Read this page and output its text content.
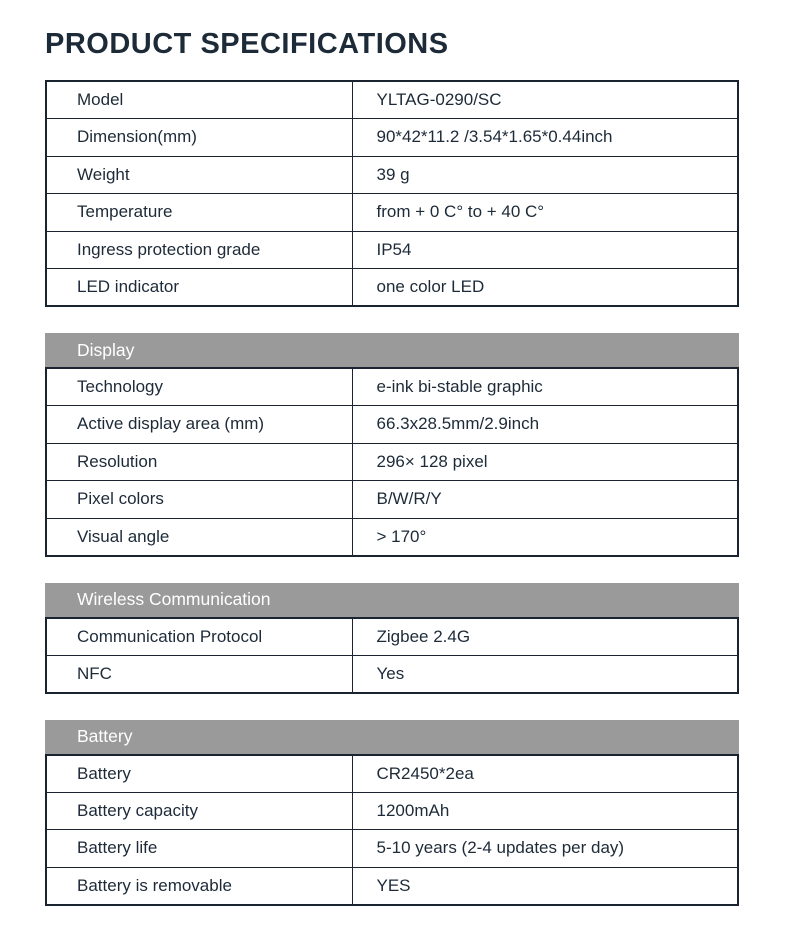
PRODUCT SPECIFICATIONS
Model	YLTAG-0290/SC
Dimension(mm)	90*42*11.2 /3.54*1.65*0.44inch
Weight	39 g
Temperature	from + 0 C° to + 40 C°
Ingress protection grade	IP54
LED indicator	one color LED
Display
Technology	e-ink bi-stable graphic
Active display area (mm)	66.3x28.5mm/2.9inch
Resolution	296× 128 pixel
Pixel colors	B/W/R/Y
Visual angle	> 170°
Wireless Communication
Communication Protocol	Zigbee 2.4G
NFC	Yes
Battery
Battery	CR2450*2ea
Battery capacity	1200mAh
Battery life	5-10 years (2-4 updates per day)
Battery is removable	YES
